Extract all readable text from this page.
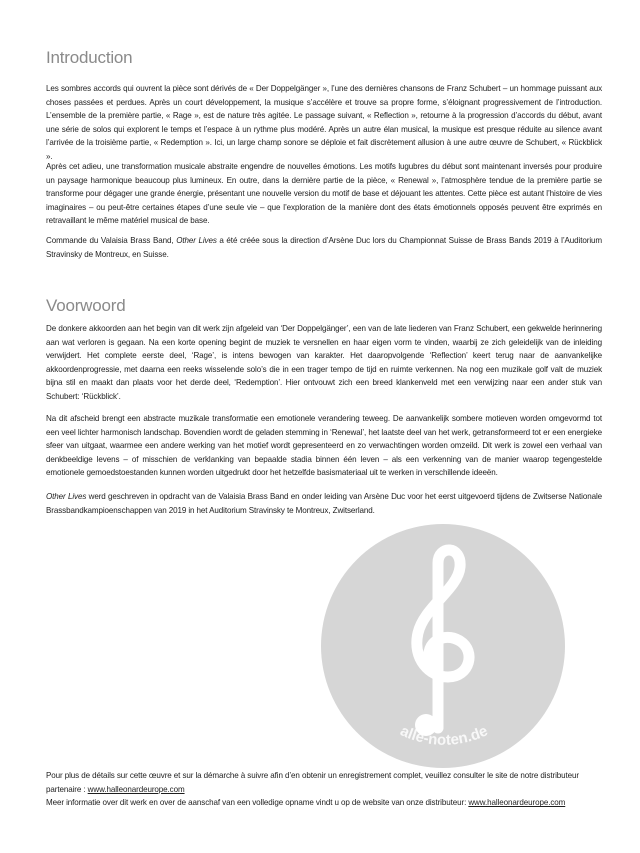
Introduction

Les sombres accords qui ouvrent la pièce sont dérivés de « Der Doppelgänger », l’une des dernières chansons de Franz Schubert – un hommage puissant aux choses passées et perdues. Après un court développement, la musique s’accélère et trouve sa propre forme, s’éloignant progressivement de l’introduction. L’ensemble de la première partie, « Rage », est de nature très agitée. Le passage suivant, « Reflection », retourne à la progression d’accords du début, avant une série de solos qui explorent le temps et l’espace à un rythme plus modéré. Après un autre élan musical, la musique est presque réduite au silence avant l’arrivée de la troisième partie, « Redemption ». Ici, un large champ sonore se déploie et fait discrètement allusion à une autre œuvre de Schubert, « Rückblick ».

Après cet adieu, une transformation musicale abstraite engendre de nouvelles émotions. Les motifs lugubres du début sont maintenant inversés pour produire un paysage harmonique beaucoup plus lumineux. En outre, dans la dernière partie de la pièce, « Renewal », l’atmosphère tendue de la première partie se transforme pour dégager une grande énergie, présentant une nouvelle version du motif de base et déjouant les attentes. Cette pièce est autant l’histoire de vies imaginaires – ou peut-être certaines étapes d’une seule vie – que l’exploration de la manière dont des états émotionnels opposés peuvent être exprimés en retravaillant le même matériel musical de base.

Commande du Valaisia Brass Band, Other Lives a été créée sous la direction d’Arsène Duc lors du Championnat Suisse de Brass Bands 2019 à l’Auditorium Stravinsky de Montreux, en Suisse.

Voorwoord

De donkere akkoorden aan het begin van dit werk zijn afgeleid van ‘Der Doppelgänger’, een van de late liederen van Franz Schubert, een gekwelde herinnering aan wat verloren is gegaan. Na een korte opening begint de muziek te versnellen en haar eigen vorm te vinden, waarbij ze zich geleidelijk van de inleiding verwijdert. Het complete eerste deel, ‘Rage’, is intens bewogen van karakter. Het daaropvolgende ‘Reflection’ keert terug naar de aanvankelijke akkoordenprogressie, met daarna een reeks wisselende solo’s die in een trager tempo de tijd en ruimte verkennen. Na nog een muzikale golf valt de muziek bijna stil en maakt dan plaats voor het derde deel, ‘Redemption’. Hier ontvouwt zich een breed klankenveld met een verwijzing naar een ander stuk van Schubert: ‘Rückblick’.

Na dit afscheid brengt een abstracte muzikale transformatie een emotionele verandering teweeg. De aanvankelijk sombere motieven worden omgevormd tot een veel lichter harmonisch landschap. Bovendien wordt de geladen stemming in ‘Renewal’, het laatste deel van het werk, getransformeerd tot er een energieke sfeer van uitgaat, waarmee een andere werking van het motief wordt gepresenteerd en zo verwachtingen worden omzeild. Dit werk is zowel een verhaal van denkbeeldige levens – of misschien de verklanking van bepaalde stadia binnen één leven – als een verkenning van de manier waarop tegengestelde emotionele gemoedstoestanden kunnen worden uitgedrukt door het hetzelfde basismateriaal uit te werken in verschillende ideeën.

Other Lives werd geschreven in opdracht van de Valaisia Brass Band en onder leiding van Arsène Duc voor het eerst uitgevoerd tijdens de Zwitserse Nationale Brassbandkampioenschappen van 2019 in het Auditorium Stravinsky te Montreux, Zwitserland.

alle-noten.de
Pour plus de détails sur cette œuvre et sur la démarche à suivre afin d’en obtenir un enregistrement complet, veuillez consulter le site de notre distributeur partenaire : www.halleonardeurope.com
Meer informatie over dit werk en over de aanschaf van een volledige opname vindt u op de website van onze distributeur: www.halleonardeurope.com
